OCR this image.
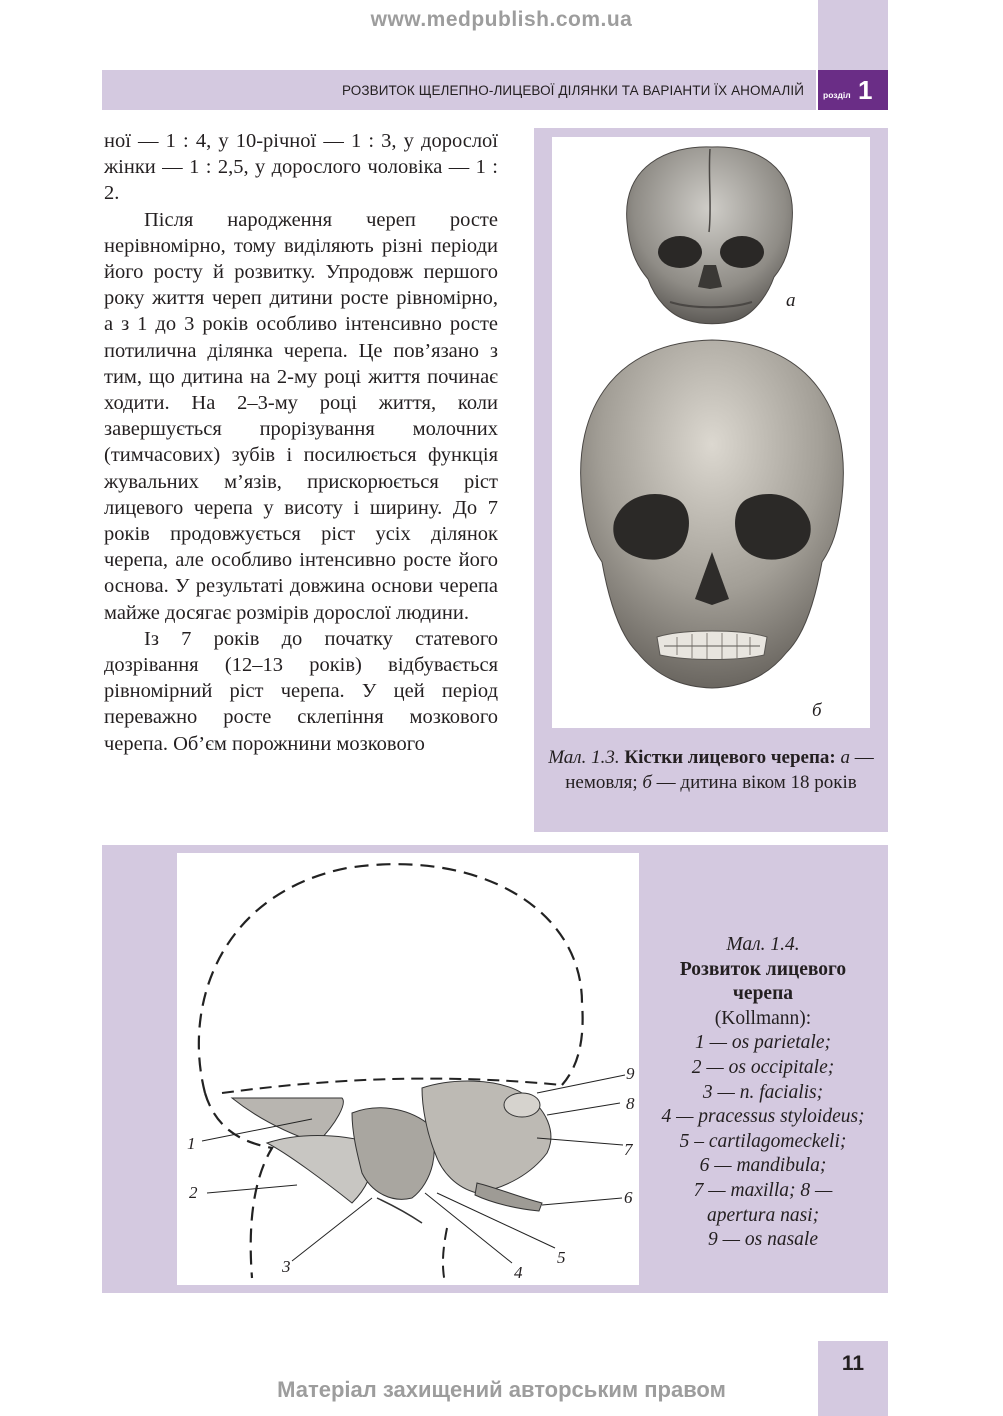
www.medpublish.com.ua
РОЗВИТОК ЩЕЛЕПНО-ЛИЦЕВОЇ ДІЛЯНКИ ТА ВАРІАНТИ ЇХ АНОМАЛІЙ розділ 1

ної — 1 : 4, у 10-річної — 1 : 3, у дорослої жінки — 1 : 2,5, у дорослого чоловіка — 1 : 2.

Після народження череп росте нерівномірно, тому виділяють різні періоди його росту й розвитку. Упродовж першого року життя череп дитини росте рівномірно, а з 1 до 3 років особливо інтенсивно росте потилична ділянка черепа. Це пов’язано з тим, що дитина на 2-му році життя починає ходити. На 2–3-му році життя, коли завершується прорізування молочних (тимчасових) зубів і посилюється функція жувальних м’язів, прискорюється ріст лицевого черепа у висоту і ширину. До 7 років продовжується ріст усіх ділянок черепа, але особливо інтенсивно росте його основа. У результаті довжина основи черепа майже досягає розмірів дорослої людини.

Із 7 років до початку статевого дозрівання (12–13 років) відбувається рівномірний ріст черепа. У цей період переважно росте склепіння мозкового черепа. Об’єм порожнини мозкового

а
б
Мал. 1.3. Кістки лицевого черепа: а — немовля; б — дитина віком 18 років
1
2
3	4
5
6
7
8
9
Мал. 1.4.
Розвиток лицевого черепа
(Kollmann):
1 — os parietale;
2 — os occipitale;
3 — n. facialis;
4 — pracessus styloideus;
5 – cartilagomeckeli;
6 — mandibula;
7 — maxilla; 8 — apertura nasi;
9 — os nasale
11
Матеріал захищений авторським правом
